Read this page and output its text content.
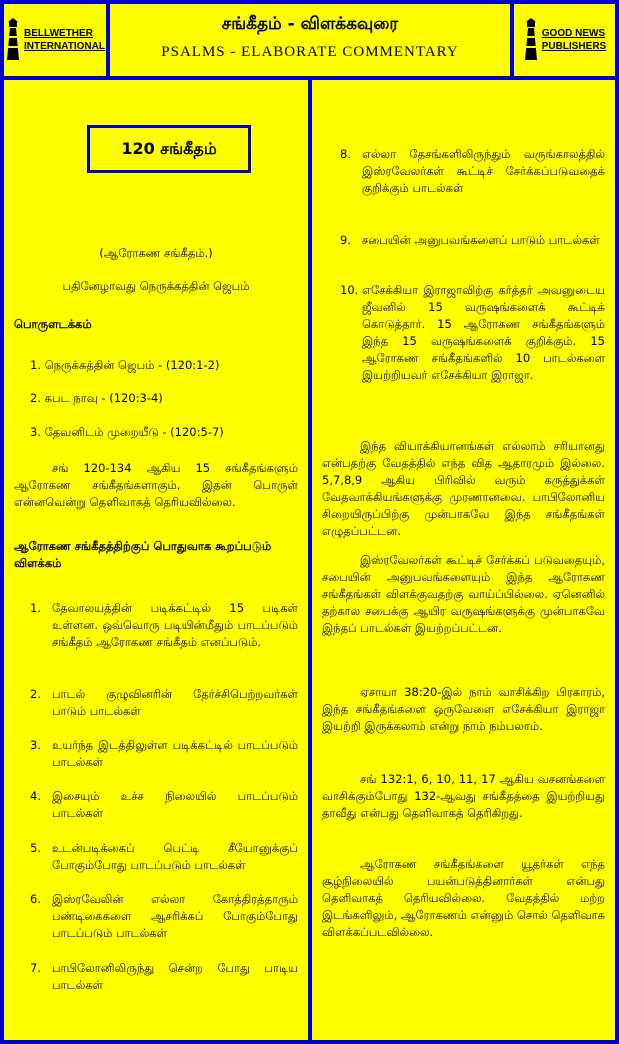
BELLWETHER
INTERNATIONAL
சங்கீதம் - விளக்கவுரை
PSALMS - ELABORATE COMMENTARY
GOOD NEWS
PUBLISHERS
120 சங்கீதம்
(ஆரோகண சங்கீதம்.)
பதினேழாவது நெருக்கத்தின் ஜெபம்
பொருளடக்கம்
1. நெருக்கத்தின் ஜெபம் - (120:1-2)
2. கபட நாவு - (120:3-4)
3. தேவனிடம் முறையீடு - (120:5-7)
சங் 120-134 ஆகிய 15 சங்கீதங்களும் ஆரோகண சங்கீதங்களாகும். இதன் பொருள் என்னவென்று தெளிவாகத் தெரியவில்லை.
ஆரோகண சங்கீதத்திற்குப் பொதுவாக கூறப்படும் விளக்கம்
1. தேவாலயத்தின் படிக்கட்டில் 15 படிகள் உள்ளன. ஒவ்வொரு படியின்மீதும் பாடப்படும் சங்கீதம் ஆரோகண சங்கீதம் எனப்படும்.
2. பாடல் குழுவினரின் தேர்ச்சிபெற்றவர்கள் பாடும் பாடல்கள்
3. உயர்ந்த இடத்திலுள்ள படிக்கட்டில் பாடப்படும் பாடல்கள்
4. இசையும் உச்ச நிலையில் பாடப்படும் பாடல்கள்
5. உடன்படிக்கைப் பெட்டி சீயோனுக்குப் போகும்போது பாடப்படும் பாடல்கள்
6. இஸ்ரவேலின் எல்லா கோத்திரத்தாரும் பண்டிகைகளை ஆசரிக்கப் போகும்போது பாடப்படும் பாடல்கள்
7. பாபிலோனிலிருந்து சென்ற போது பாடிய பாடல்கள்
8. எல்லா தேசங்களிலிருந்தும் வருங்காலத்தில் இஸ்ரவேலர்கள் கூட்டிச் சேர்க்கப்படுவதைக் குறிக்கும் பாடல்கள்
9. சபையின் அனுபவங்களைப் பாடும் பாடல்கள்
10. எசேக்கியா இராஜாவிற்கு கர்த்தர் அவனுடைய ஜீவனில் 15 வருஷங்களைக் கூட்டிக் கொடுத்தார். 15 ஆரோகண சங்கீதங்களும் இந்த 15 வருஷங்களைக் குறிக்கும். 15 ஆரோகண சங்கீதங்களில் 10 பாடல்களை இயற்றியவர் எசேக்கியா இராஜா.
இந்த வியாக்கியானங்கள் எல்லாம் சரியானது என்பதற்கு வேதத்தில் எந்த வித ஆதாரமும் இல்லை. 5,7,8,9 ஆகிய பிரிவில் வரும் கருத்துக்கள் வேதவாக்கியங்களுக்கு முரணானவை. பாபிலோனிய சிறையிருப்பிற்கு முன்பாகவே இந்த சங்கீதங்கள் எழுதப்பட்டன.
இஸ்ரவேலர்கள் கூட்டிச் சேர்க்கப் படுவதையும், சபையின் அனுபவங்களையும் இந்த ஆரோகண சங்கீதங்கள் விளக்குவதற்கு வாய்ப்பில்லை. ஏனெனில் தற்கால சபைக்கு ஆயிர வருஷங்களுக்கு முன்பாகவே இந்தப் பாடல்கள் இயற்றப்பட்டன.
ஏசாயா 38:20-இல் நாம் வாசிக்கிற பிரகாரம், இந்த சங்கீதங்களை ஒருவேளை எசேக்கியா இராஜா இயற்றி இருக்கலாம் என்று நாம் நம்பலாம்.
சங் 132:1, 6, 10, 11, 17 ஆகிய வசனங்களை வாசிக்கும்போது 132-ஆவது சங்கீதத்தை இயற்றியது தாவீது என்பது தெளிவாகத் தெரிகிறது.
ஆரோகண சங்கீதங்களை யூதர்கள் எந்த சூழ்நிலையில் பயன்படுத்தினார்கள் என்பது தெளிவாகத் தெரியவில்லை. வேதத்தில் மற்ற இடங்களிலும், ஆரோகணம் என்னும் சொல் தெளிவாக விளக்கப்படவில்லை.
